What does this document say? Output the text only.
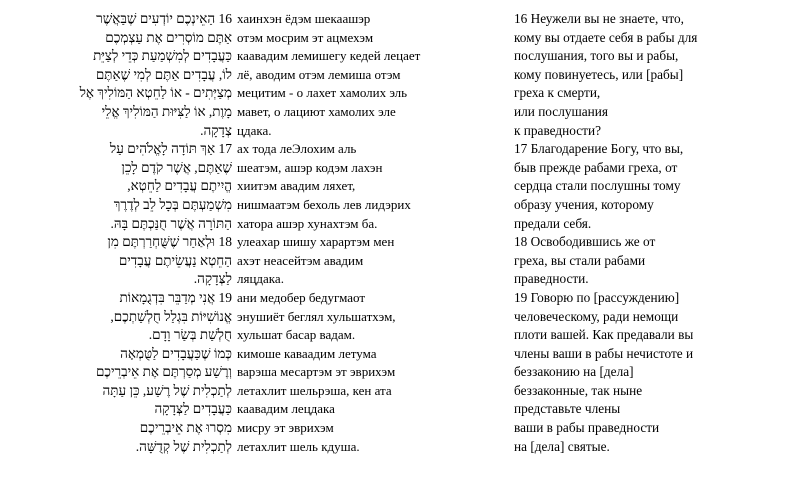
16 הַאֵינְכֶם יוֹדְעִים שֶׁבַּאֲשֶׁר
אַתֶּם מוֹסְרִים אֶת עַצְמְכֶם
כַּעֲבָדִים לְמִשְׁמַעַת כְּדֵי לְצַיֵּת
לוֹ, עֲבָדִים אַתֶּם לְמִי שֶׁאַתֶּם
מְצַיְּתִים - אוֹ לַחֵטְא הַמּוֹלִיךְ אֶל
מָוֶת, אוֹ לַצִּיּוּת הַמּוֹלִיךְ אֱלֵי
צְדָקָה.
17 אַךְ תּוֹדָה לָאֱלֹהִים עַל
שֶׁאַתֶּם, אֲשֶׁר קֹדֶם לָכֵן
הֱיִיתֶם עֲבָדִים לַחֵטְא,
מִשְׁמַעְתֶּם בְּכָל לֵב לְדֶרֶךְ
הַתּוֹרָה אֲשֶׁר חֻנַּכְתֶּם בָּהּ.
18 וּלְאַחַר שֶׁשֻּׁחְרַרְתֶּם מִן
הַחֵטְא נַעֲשֵׂיתֶם עֲבָדִים
לַצְּדָקָה.
19 אֲנִי מְדַבֵּר בִּדְגֻמָאוֹת
אֱנוֹשִׁיּוֹת בִּגְלַל חֻלְשַׁתְכֶם,
חֻלְשַׁת בְּשַׂר וָדָם.
כְּמוֹ שֶׁכַּעֲבָדִים לַטֻּמְאָה
וְרֶשַׁע מְסַרְתֶּם אֶת אֵיבְרֵיכֶם
לְתַכְלִית שֶׁל רֶשַׁע, כֵּן עַתָּה
כַּעֲבָדִים לַצְּדָקָה
מִסְרוּ אֶת אֵיבְרֵיכֶם
לְתַכְלִית שֶׁל קְדֻשָּׁה.
хаинхэн ёдэм шекаашэр
отэм мосрим эт ацмехэм
каавадим лемишегу кедей лецает
лё, аводим отэм лемиша отэм
мецитим - о лахет хамолих эль
мавет, о лациют хамолих эле
цдака.
ах тода леЭлохим аль
шеатэм, ашэр кодэм лахэн
хиитэм авадим ляхет,
нишмаатэм бехоль лев лидэрих
хатора ашэр хунахтэм ба.
улеахар шишу харартэм мен
ахэт неасейтэм авадим
ляцдака.
ани медобер бедугмаот
энушиёт беглял хульшатхэм,
хульшат басар вадам.
кимоше каваадим летума
варэша месартэм эт эврихэм
летахлит шельрэша, кен ата
каавадим лецдака
мисру эт эврихэм
летахлит шель кдуша.
16 Неужели вы не знаете, что,
кому вы отдаете себя в рабы для
послушания, того вы и рабы,
кому повинуетесь, или [рабы]
греха к смерти,
или послушания
к праведности?
17 Благодарение Богу, что вы,
быв прежде рабами греха, от
сердца стали послушны тому
образу учения, которому
предали себя.
18 Освободившись же от
греха, вы стали рабами
праведности.
19 Говорю по [рассуждению]
человеческому, ради немощи
плоти вашей. Как предавали вы
члены ваши в рабы нечистоте и
беззаконию на [дела]
беззаконные, так ныне
представьте члены
ваши в рабы праведности
на [дела] святые.
